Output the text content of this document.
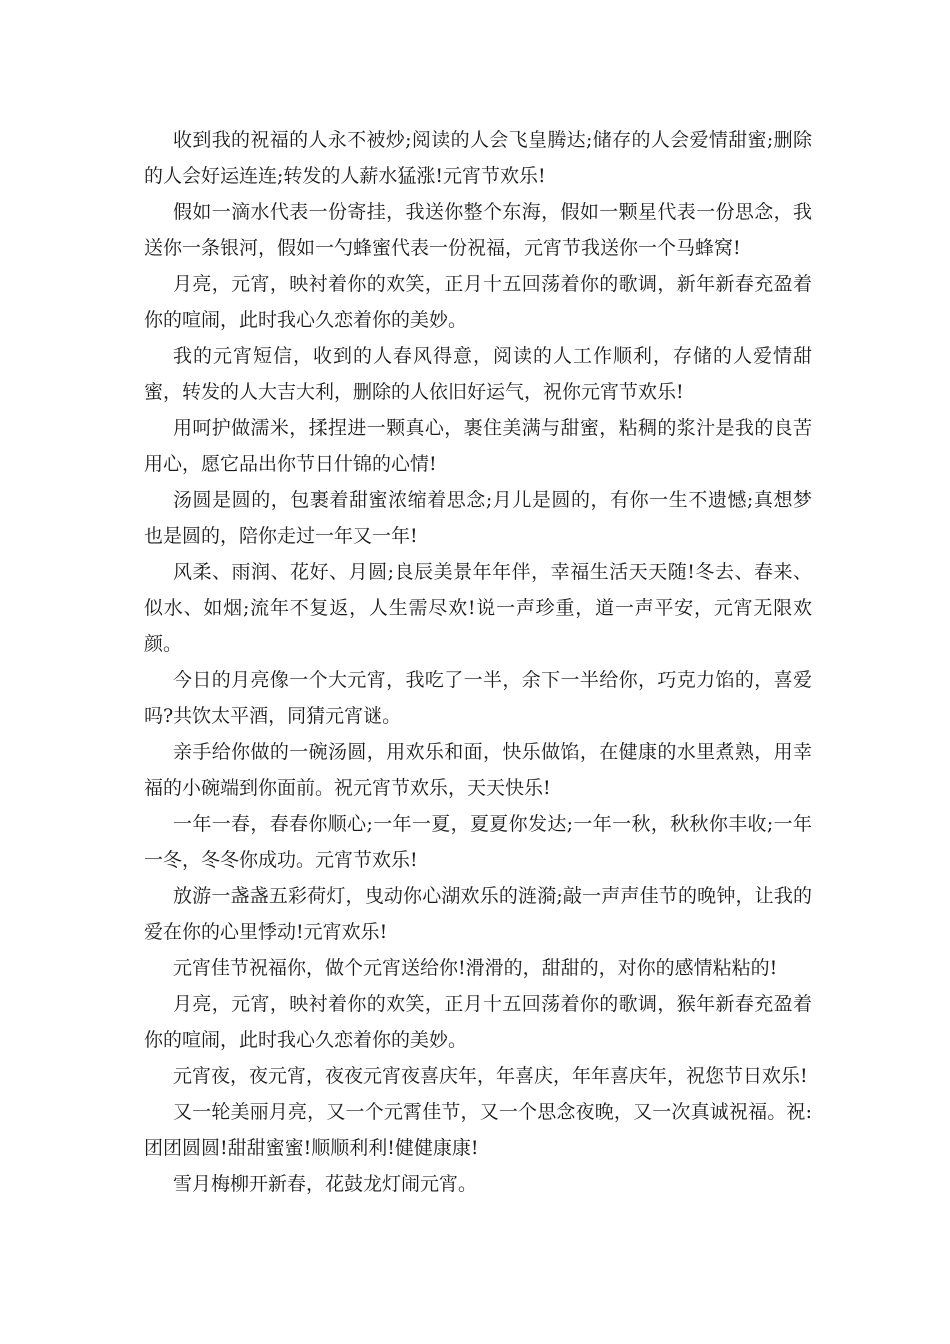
收到我的祝福的人永不被炒;阅读的人会飞皇腾达;储存的人会爱情甜蜜;删除的人会好运连连;转发的人薪水猛涨!元宵节欢乐!

假如一滴水代表一份寄挂，我送你整个东海，假如一颗星代表一份思念，我送你一条银河，假如一勺蜂蜜代表一份祝福，元宵节我送你一个马蜂窝!

月亮，元宵，映衬着你的欢笑，正月十五回荡着你的歌调，新年新春充盈着你的喧闹，此时我心久恋着你的美妙。

我的元宵短信，收到的人春风得意，阅读的人工作顺利，存储的人爱情甜蜜，转发的人大吉大利，删除的人依旧好运气，祝你元宵节欢乐!

用呵护做濡米，揉捏进一颗真心，裹住美满与甜蜜，粘稠的浆汁是我的良苦用心，愿它品出你节日什锦的心情!

汤圆是圆的，包裹着甜蜜浓缩着思念;月儿是圆的，有你一生不遗憾;真想梦也是圆的，陪你走过一年又一年!

风柔、雨润、花好、月圆;良辰美景年年伴，幸福生活天天随!冬去、春来、似水、如烟;流年不复返，人生需尽欢!说一声珍重，道一声平安，元宵无限欢颜。

今日的月亮像一个大元宵，我吃了一半，余下一半给你，巧克力馅的，喜爱吗?共饮太平酒，同猜元宵谜。

亲手给你做的一碗汤圆，用欢乐和面，快乐做馅，在健康的水里煮熟，用幸福的小碗端到你面前。祝元宵节欢乐，天天快乐!

一年一春，春春你顺心;一年一夏，夏夏你发达;一年一秋，秋秋你丰收;一年一冬，冬冬你成功。元宵节欢乐!

放游一盏盏五彩荷灯，曳动你心湖欢乐的涟漪;敲一声声佳节的晚钟，让我的爱在你的心里悸动!元宵欢乐!

元宵佳节祝福你，做个元宵送给你!滑滑的，甜甜的，对你的感情粘粘的!

月亮，元宵，映衬着你的欢笑，正月十五回荡着你的歌调，猴年新春充盈着你的喧闹，此时我心久恋着你的美妙。

元宵夜，夜元宵，夜夜元宵夜喜庆年，年喜庆，年年喜庆年，祝您节日欢乐!

又一轮美丽月亮，又一个元霄佳节，又一个思念夜晚，又一次真诚祝福。祝:团团圆圆!甜甜蜜蜜!顺顺利利!健健康康!

雪月梅柳开新春，花鼓龙灯闹元宵。
